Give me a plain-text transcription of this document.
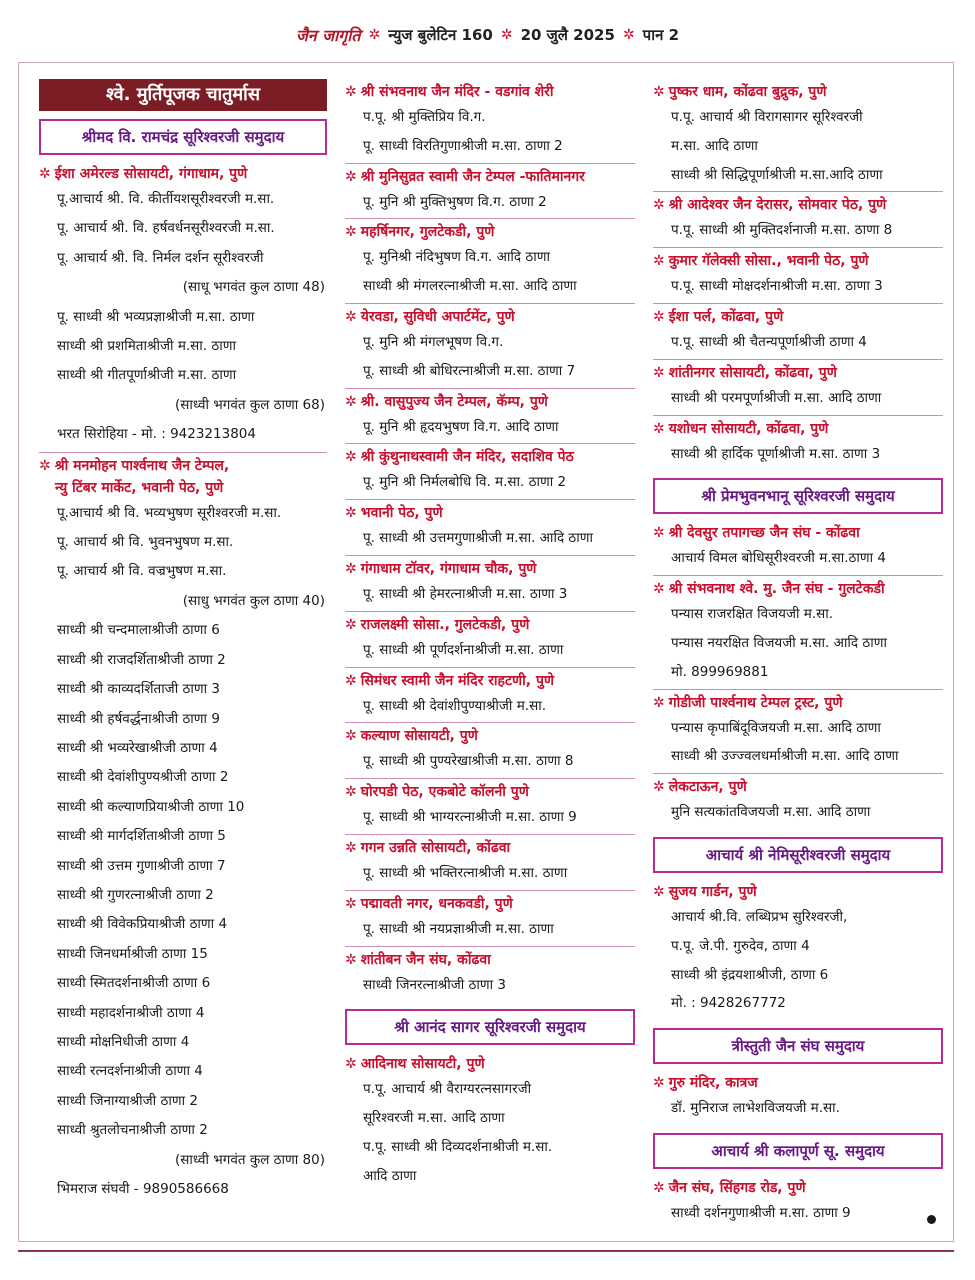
जैन जागृति ✲ न्युज बुलेटिन 160 ✲ 20 जुलै 2025 ✲ पान 2
श्वे. मुर्तिपूजक चातुर्मास
श्रीमद वि. रामचंद्र सूरिश्वरजी समुदाय
✲ ईशा अमेरल्ड सोसायटी, गंगाधाम, पुणे
पू.आचार्य श्री. वि. कीर्तीयशसूरीश्वरजी म.सा.
पू. आचार्य श्री. वि. हर्षवर्धनसूरीश्वरजी म.सा.
पू. आचार्य श्री. वि. निर्मल दर्शन सूरीश्वरजी
(साधू भगवंत कुल ठाणा 48)
पू. साध्वी श्री भव्यप्रज्ञाश्रीजी म.सा. ठाणा
साध्वी श्री प्रशमिताश्रीजी म.सा. ठाणा
साध्वी श्री गीतपूर्णाश्रीजी म.सा. ठाणा
(साध्वी भगवंत कुल ठाणा 68)
भरत सिरोहिया - मो. : 9423213804
✲ श्री मनमोहन पार्श्वनाथ जैन टेम्पल,
न्यु टिंबर मार्केट, भवानी पेठ, पुणे
पू.आचार्य श्री वि. भव्यभुषण सूरीश्वरजी म.सा.
पू. आचार्य श्री वि. भुवनभुषण म.सा.
पू. आचार्य श्री वि. वज्रभुषण म.सा.
(साधु भगवंत कुल ठाणा 40)
साध्वी श्री चन्दमालाश्रीजी ठाणा 6
साध्वी श्री राजदर्शिताश्रीजी ठाणा 2
साध्वी श्री काव्यदर्शिताजी ठाणा 3
साध्वी श्री हर्षवर्द्धनाश्रीजी ठाणा 9
साध्वी श्री भव्यरेखाश्रीजी ठाणा 4
साध्वी श्री देवांशीपुण्यश्रीजी ठाणा 2
साध्वी श्री कल्याणप्रियाश्रीजी ठाणा 10
साध्वी श्री मार्गदर्शिताश्रीजी ठाणा 5
साध्वी श्री उत्तम गुणाश्रीजी ठाणा 7
साध्वी श्री गुणरत्नाश्रीजी ठाणा 2
साध्वी श्री विवेकप्रियाश्रीजी ठाणा 4
साध्वी जिनधर्माश्रीजी ठाणा 15
साध्वी स्मितदर्शनाश्रीजी ठाणा 6
साध्वी महादर्शनाश्रीजी ठाणा 4
साध्वी मोक्षनिधीजी ठाणा 4
साध्वी रत्नदर्शनाश्रीजी ठाणा 4
साध्वी जिनाग्याश्रीजी ठाणा 2
साध्वी श्रुतलोचनाश्रीजी ठाणा 2
(साध्वी भगवंत कुल ठाणा 80)
भिमराज संघवी - 9890586668
✲ श्री संभवनाथ जैन मंदिर - वडगांव शेरी
प.पू. श्री मुक्तिप्रिय वि.ग.
पू. साध्वी विरतिगुणाश्रीजी म.सा. ठाणा 2
✲ श्री मुनिसुव्रत स्वामी जैन टेम्पल -फातिमानगर
पू. मुनि श्री मुक्तिभुषण वि.ग. ठाणा 2
✲ महर्षिनगर, गुलटेकडी, पुणे
पू. मुनिश्री नंदिभुषण वि.ग. आदि ठाणा
साध्वी श्री मंगलरत्नाश्रीजी म.सा. आदि ठाणा
✲ येरवडा, सुविधी अपार्टमेंट, पुणे
पू. मुनि श्री मंगलभूषण वि.ग.
पू. साध्वी श्री बोधिरत्नाश्रीजी म.सा. ठाणा 7
✲ श्री. वासुपुज्य जैन टेम्पल, कॅम्प, पुणे
पू. मुनि श्री हृदयभुषण वि.ग. आदि ठाणा
✲ श्री कुंथुनाथस्वामी जैन मंदिर, सदाशिव पेठ
पू. मुनि श्री निर्मलबोधि वि. म.सा. ठाणा 2
✲ भवानी पेठ, पुणे
पू. साध्वी श्री उत्तमगुणाश्रीजी म.सा. आदि ठाणा
✲ गंगाधाम टॉवर, गंगाधाम चौक, पुणे
पू. साध्वी श्री हेमरत्नाश्रीजी म.सा. ठाणा 3
✲ राजलक्ष्मी सोसा., गुलटेकडी, पुणे
पू. साध्वी श्री पूर्णदर्शनाश्रीजी म.सा. ठाणा
✲ सिमंधर स्वामी जैन मंदिर राहटणी, पुणे
पू. साध्वी श्री देवांशीपुण्याश्रीजी म.सा.
✲ कल्याण सोसायटी, पुणे
पू. साध्वी श्री पुण्यरेखाश्रीजी म.सा. ठाणा 8
✲ घोरपडी पेठ, एकबोटे कॉलनी पुणे
पू. साध्वी श्री भाग्यरत्नाश्रीजी म.सा. ठाणा 9
✲ गगन उन्नति सोसायटी, कोंढवा
पू. साध्वी श्री भक्तिरत्नाश्रीजी म.सा. ठाणा
✲ पद्मावती नगर, धनकवडी, पुणे
पू. साध्वी श्री नयप्रज्ञाश्रीजी म.सा. ठाणा
✲ शांतीबन जैन संघ, कोंढवा
साध्वी जिनरत्नाश्रीजी ठाणा 3
श्री आनंद सागर सूरिश्वरजी समुदाय
✲ आदिनाथ सोसायटी, पुणे
प.पू. आचार्य श्री वैराग्यरत्नसागरजी
सूरिश्वरजी म.सा. आदि ठाणा
प.पू. साध्वी श्री दिव्यदर्शनाश्रीजी म.सा.
आदि ठाणा
✲ पुष्कर धाम, कोंढवा बुद्रुक, पुणे
प.पू. आचार्य श्री विरागसागर सूरिश्वरजी
म.सा. आदि ठाणा
साध्वी श्री सिद्धिपूर्णाश्रीजी म.सा.आदि ठाणा
✲ श्री आदेश्वर जैन देरासर, सोमवार पेठ, पुणे
प.पू. साध्वी श्री मुक्तिदर्शनाजी म.सा. ठाणा 8
✲ कुमार गॅलेक्सी सोसा., भवानी पेठ, पुणे
प.पू. साध्वी मोक्षदर्शनाश्रीजी म.सा. ठाणा 3
✲ ईशा पर्ल, कोंढवा, पुणे
प.पू. साध्वी श्री चैतन्यपूर्णाश्रीजी ठाणा 4
✲ शांतीनगर सोसायटी, कोंढवा, पुणे
साध्वी श्री परमपूर्णाश्रीजी म.सा. आदि ठाणा
✲ यशोधन सोसायटी, कोंढवा, पुणे
साध्वी श्री हार्दिक पूर्णाश्रीजी म.सा. ठाणा 3
श्री प्रेमभुवनभानू सूरिश्वरजी समुदाय
✲ श्री देवसुर तपागच्छ जैन संघ - कोंढवा
आचार्य विमल बोधिसूरीश्वरजी म.सा.ठाणा 4
✲ श्री संभवनाथ श्वे. मु. जैन संघ - गुलटेकडी
पन्यास राजरक्षित विजयजी म.सा.
पन्यास नयरक्षित विजयजी म.सा. आदि ठाणा
मो. 899969881
✲ गोडीजी पार्श्वनाथ टेम्पल ट्रस्ट, पुणे
पन्यास कृपाबिंदूविजयजी म.सा. आदि ठाणा
साध्वी श्री उज्ज्वलधर्माश्रीजी म.सा. आदि ठाणा
✲ लेकटाऊन, पुणे
मुनि सत्यकांतविजयजी म.सा. आदि ठाणा
आचार्य श्री नेमिसूरीश्वरजी समुदाय
✲ सुजय गार्डन, पुणे
आचार्य श्री.वि. लब्धिप्रभ सुरिश्वरजी,
प.पू. जे.पी. गुरुदेव, ठाणा 4
साध्वी श्री इंद्रयशाश्रीजी, ठाणा 6
मो. : 9428267772
त्रीस्तुती जैन संघ समुदाय
✲ गुरु मंदिर, कात्रज
डॉ. मुनिराज लाभेशविजयजी म.सा.
आचार्य श्री कलापूर्ण सू. समुदाय
✲ जैन संघ, सिंहगड रोड, पुणे
साध्वी दर्शनगुणाश्रीजी म.सा. ठाणा 9
